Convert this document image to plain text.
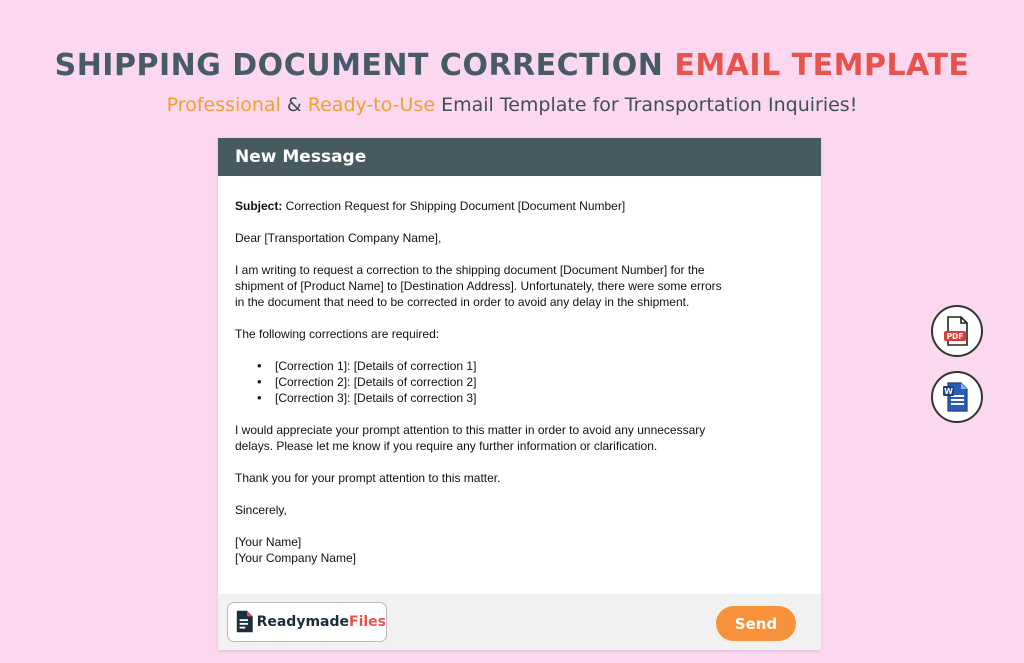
SHIPPING DOCUMENT CORRECTION EMAIL TEMPLATE
Professional & Ready-to-Use Email Template for Transportation Inquiries!
New Message

Subject: Correction Request for Shipping Document [Document Number]

Dear [Transportation Company Name],

I am writing to request a correction to the shipping document [Document Number] for the shipment of [Product Name] to [Destination Address]. Unfortunately, there were some errors in the document that need to be corrected in order to avoid any delay in the shipment.

The following corrections are required:

• [Correction 1]: [Details of correction 1]
• [Correction 2]: [Details of correction 2]
• [Correction 3]: [Details of correction 3]

I would appreciate your prompt attention to this matter in order to avoid any unnecessary delays. Please let me know if you require any further information or clarification.

Thank you for your prompt attention to this matter.

Sincerely,

[Your Name]
[Your Company Name]
ReadymadeFiles	Send
PDF
W
